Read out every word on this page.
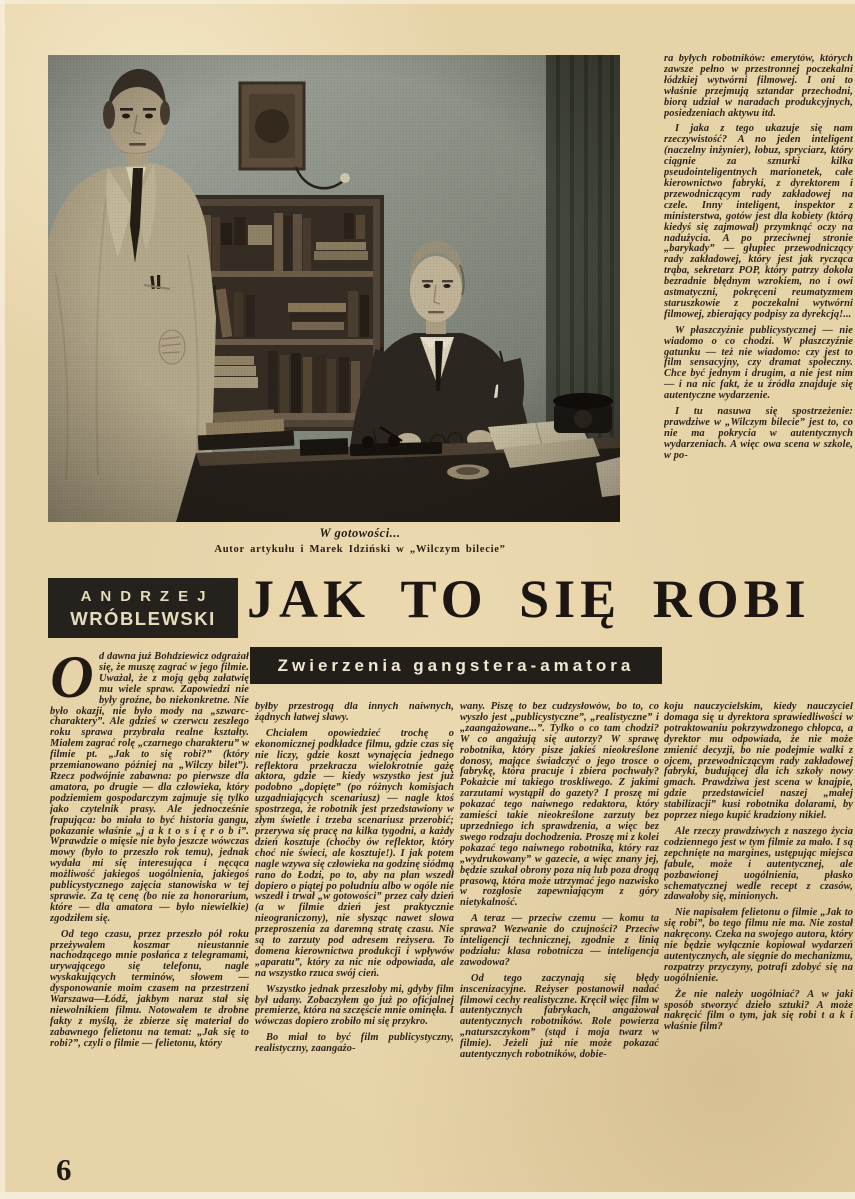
W gotowości...
Autor artykułu i Marek Idziński w „Wilczym bilecie”
ANDRZEJ
WRÓBLEWSKI JAK TO SIĘ ROBI
Zwierzenia gangstera-amatora
O d dawna już Bohdziewicz odgrażał się, że muszę zagrać w jego filmie. Uważał, że z moją gębą załatwię mu wiele spraw. Zapowiedzi nie były groźne, bo niekonkretne. Nie było okazji, nie było mody na „szwarc-charaktery”. Ale gdzieś w czerwcu zeszłego roku sprawa przybrała realne kształty. Miałem zagrać rolę „czarnego charakteru” w filmie pt. „Jak to się robi?” (który przemianowano później na „Wilczy bilet”). Rzecz podwójnie zabawna: po pierwsze dla amatora, po drugie — dla człowieka, który podziemiem gospodarczym zajmuje się tylko jako czytelnik prasy. Ale jednocześnie frapująca: bo miała to być historia gangu, pokazanie właśnie „j a k t o s i ę r o b i”. Wprawdzie o mięsie nie było jeszcze wówczas mowy (było to przeszło rok temu), jednak wydała mi się interesująca i nęcąca możliwość jakiegoś uogólnienia, jakiegoś publicystycznego zajęcia stanowiska w tej sprawie. Za tę cenę (bo nie za honorarium, które — dla amatora — było niewielkie) zgodziłem się.

Od tego czasu, przez przeszło pół roku przeżywałem koszmar nieustannie nachodzącego mnie posłańca z telegramami, urywającego się telefonu, nagle wyskakujących terminów, słowem — dysponowanie moim czasem na przestrzeni Warszawa—Łódź, jakbym naraz stał się niewolnikiem filmu. Notowałem te drobne fakty z myślą, że zbierze się materiał do zabawnego felietonu na temat: „Jak się to robi?”, czyli o filmie — felietonu, który

byłby przestrogą dla innych naiwnych, żądnych łatwej sławy.

Chciałem opowiedzieć trochę o ekonomicznej podkładce filmu, gdzie czas się nie liczy, gdzie koszt wynajęcia jednego reflektora przekracza wielokrotnie gażę aktora, gdzie — kiedy wszystko jest już podobno „dopięte” (po różnych komisjach uzgadniających scenariusz) — nagle ktoś spostrzega, że robotnik jest przedstawiony w złym świetle i trzeba scenariusz przerobić; przerywa się pracę na kilka tygodni, a każdy dzień kosztuje (choćby ów reflektor, który choć nie świeci, ale kosztuje!). I jak potem nagle wzywa się człowieka na godzinę siódmą rano do Łodzi, po to, aby na plan wszedł dopiero o piątej po południu albo w ogóle nie wszedł i trwał „w gotowości” przez cały dzień (a w filmie dzień jest praktycznie nieograniczony), nie słysząc nawet słowa przeproszenia za daremną stratę czasu. Nie są to zarzuty pod adresem reżysera. To domena kierownictwa produkcji i wpływów „aparatu”, który za nic nie odpowiada, ale na wszystko rzuca swój cień.

Wszystko jednak przeszłoby mi, gdyby film był udany. Zobaczyłem go już po oficjalnej premierze, która na szczęście mnie ominęła. I wówczas dopiero zrobiło mi się przykro.

Bo miał to być film publicystyczny, realistyczny, zaangażo-

wany. Piszę to bez cudzysłowów, bo to, co wyszło jest „publicystyczne”, „realistyczne” i „zaangażowane...”. Tylko o co tam chodzi? W co angażują się autorzy? W sprawę robotnika, który pisze jakieś nieokreślone donosy, mające świadczyć o jego trosce o fabrykę, która pracuje i zbiera pochwały? Pokażcie mi takiego troskliwego. Z jakimi zarzutami wystąpił do gazety? I proszę mi pokazać tego naiwnego redaktora, który zamieści takie nieokreślone zarzuty bez uprzedniego ich sprawdzenia, a więc bez swego rodzaju dochodzenia. Proszę mi z kolei pokazać tego naiwnego robotnika, który raz „wydrukowany” w gazecie, a więc znany jej, będzie szukał obrony poza nią lub poza drogą prasową, która może utrzymać jego nazwisko w rozgłosie zapewniającym z góry nietykalność.

A teraz — przeciw czemu — komu ta sprawa? Wezwanie do czujności? Przeciw inteligencji technicznej, zgodnie z linią podziału: klasa robotnicza — inteligencja zawodowa?

Od tego zaczynają się błędy inscenizacyjne. Reżyser postanowił nadać filmowi cechy realistyczne. Kręcił więc film w autentycznych fabrykach, angażował autentycznych robotników. Role powierza „naturszczykom” (stąd i moja twarz w filmie). Jeżeli już nie może pokazać autentycznych robotników, dobie-

ra byłych robotników: emerytów, których zawsze pełno w przestronnej poczekalni łódzkiej wytwórni filmowej. I oni to właśnie przejmują sztandar przechodni, biorą udział w naradach produkcyjnych, posiedzeniach aktywu itd.

I jaka z tego ukazuje się nam rzeczywistość? A no jeden inteligent (naczelny inżynier), łobuz, spryciarz, który ciągnie za sznurki kilka pseudointeligentnych marionetek, całe kierownictwo fabryki, z dyrektorem i przewodniczącym rady zakładowej na czele. Inny inteligent, inspektor z ministerstwa, gotów jest dla kobiety (którą kiedyś się zajmował) przymknąć oczy na nadużycia. A po przeciwnej stronie „barykady” — głupiec przewodniczący rady zakładowej, który jest jak rycząca trąba, sekretarz POP, który patrzy dokoła bezradnie błędnym wzrokiem, no i owi astmatyczni, pokręceni reumatyzmem staruszkowie z poczekalni wytwórni filmowej, zbierający podpisy za dyrekcją!...

W płaszczyźnie publicystycznej — nie wiadomo o co chodzi. W płaszczyźnie gatunku — też nie wiadomo: czy jest to film sensacyjny, czy dramat społeczny. Chce być jednym i drugim, a nie jest nim — i na nic fakt, że u źródła znajduje się autentyczne wydarzenie.

I tu nasuwa się spostrzeżenie: prawdziwe w „Wilczym bilecie” jest to, co nie ma pokrycia w autentycznych wydarzeniach. A więc owa scena w szkole, w po-

koju nauczycielskim, kiedy nauczyciel domaga się u dyrektora sprawiedliwości w potraktowaniu pokrzywdzonego chłopca, a dyrektor mu odpowiada, że nie może zmienić decyzji, bo nie podejmie walki z ojcem, przewodniczącym rady zakładowej fabryki, budującej dla ich szkoły nowy gmach. Prawdziwa jest scena w knajpie, gdzie przedstawiciel naszej „małej stabilizacji” kusi robotnika dolarami, by poprzez niego kupić kradziony nikiel.

Ale rzeczy prawdziwych z naszego życia codziennego jest w tym filmie za mało. I są zepchnięte na margines, ustępując miejsca fabule, może i autentycznej, ale pozbawionej uogólnienia, płasko schematycznej wedle recept z czasów, zdawałoby się, minionych.

Nie napisałem felietonu o filmie „Jak to się robi”, bo tego filmu nie ma. Nie został nakręcony. Czeka na swojego autora, który nie będzie wyłącznie kopiował wydarzeń autentycznych, ale sięgnie do mechanizmu, rozpatrzy przyczyny, potrafi zdobyć się na uogólnienie.

Że nie należy uogólniać? A w jaki sposób stworzyć dzieło sztuki? A może nakręcić film o tym, jak się robi t a k i właśnie film?

6
